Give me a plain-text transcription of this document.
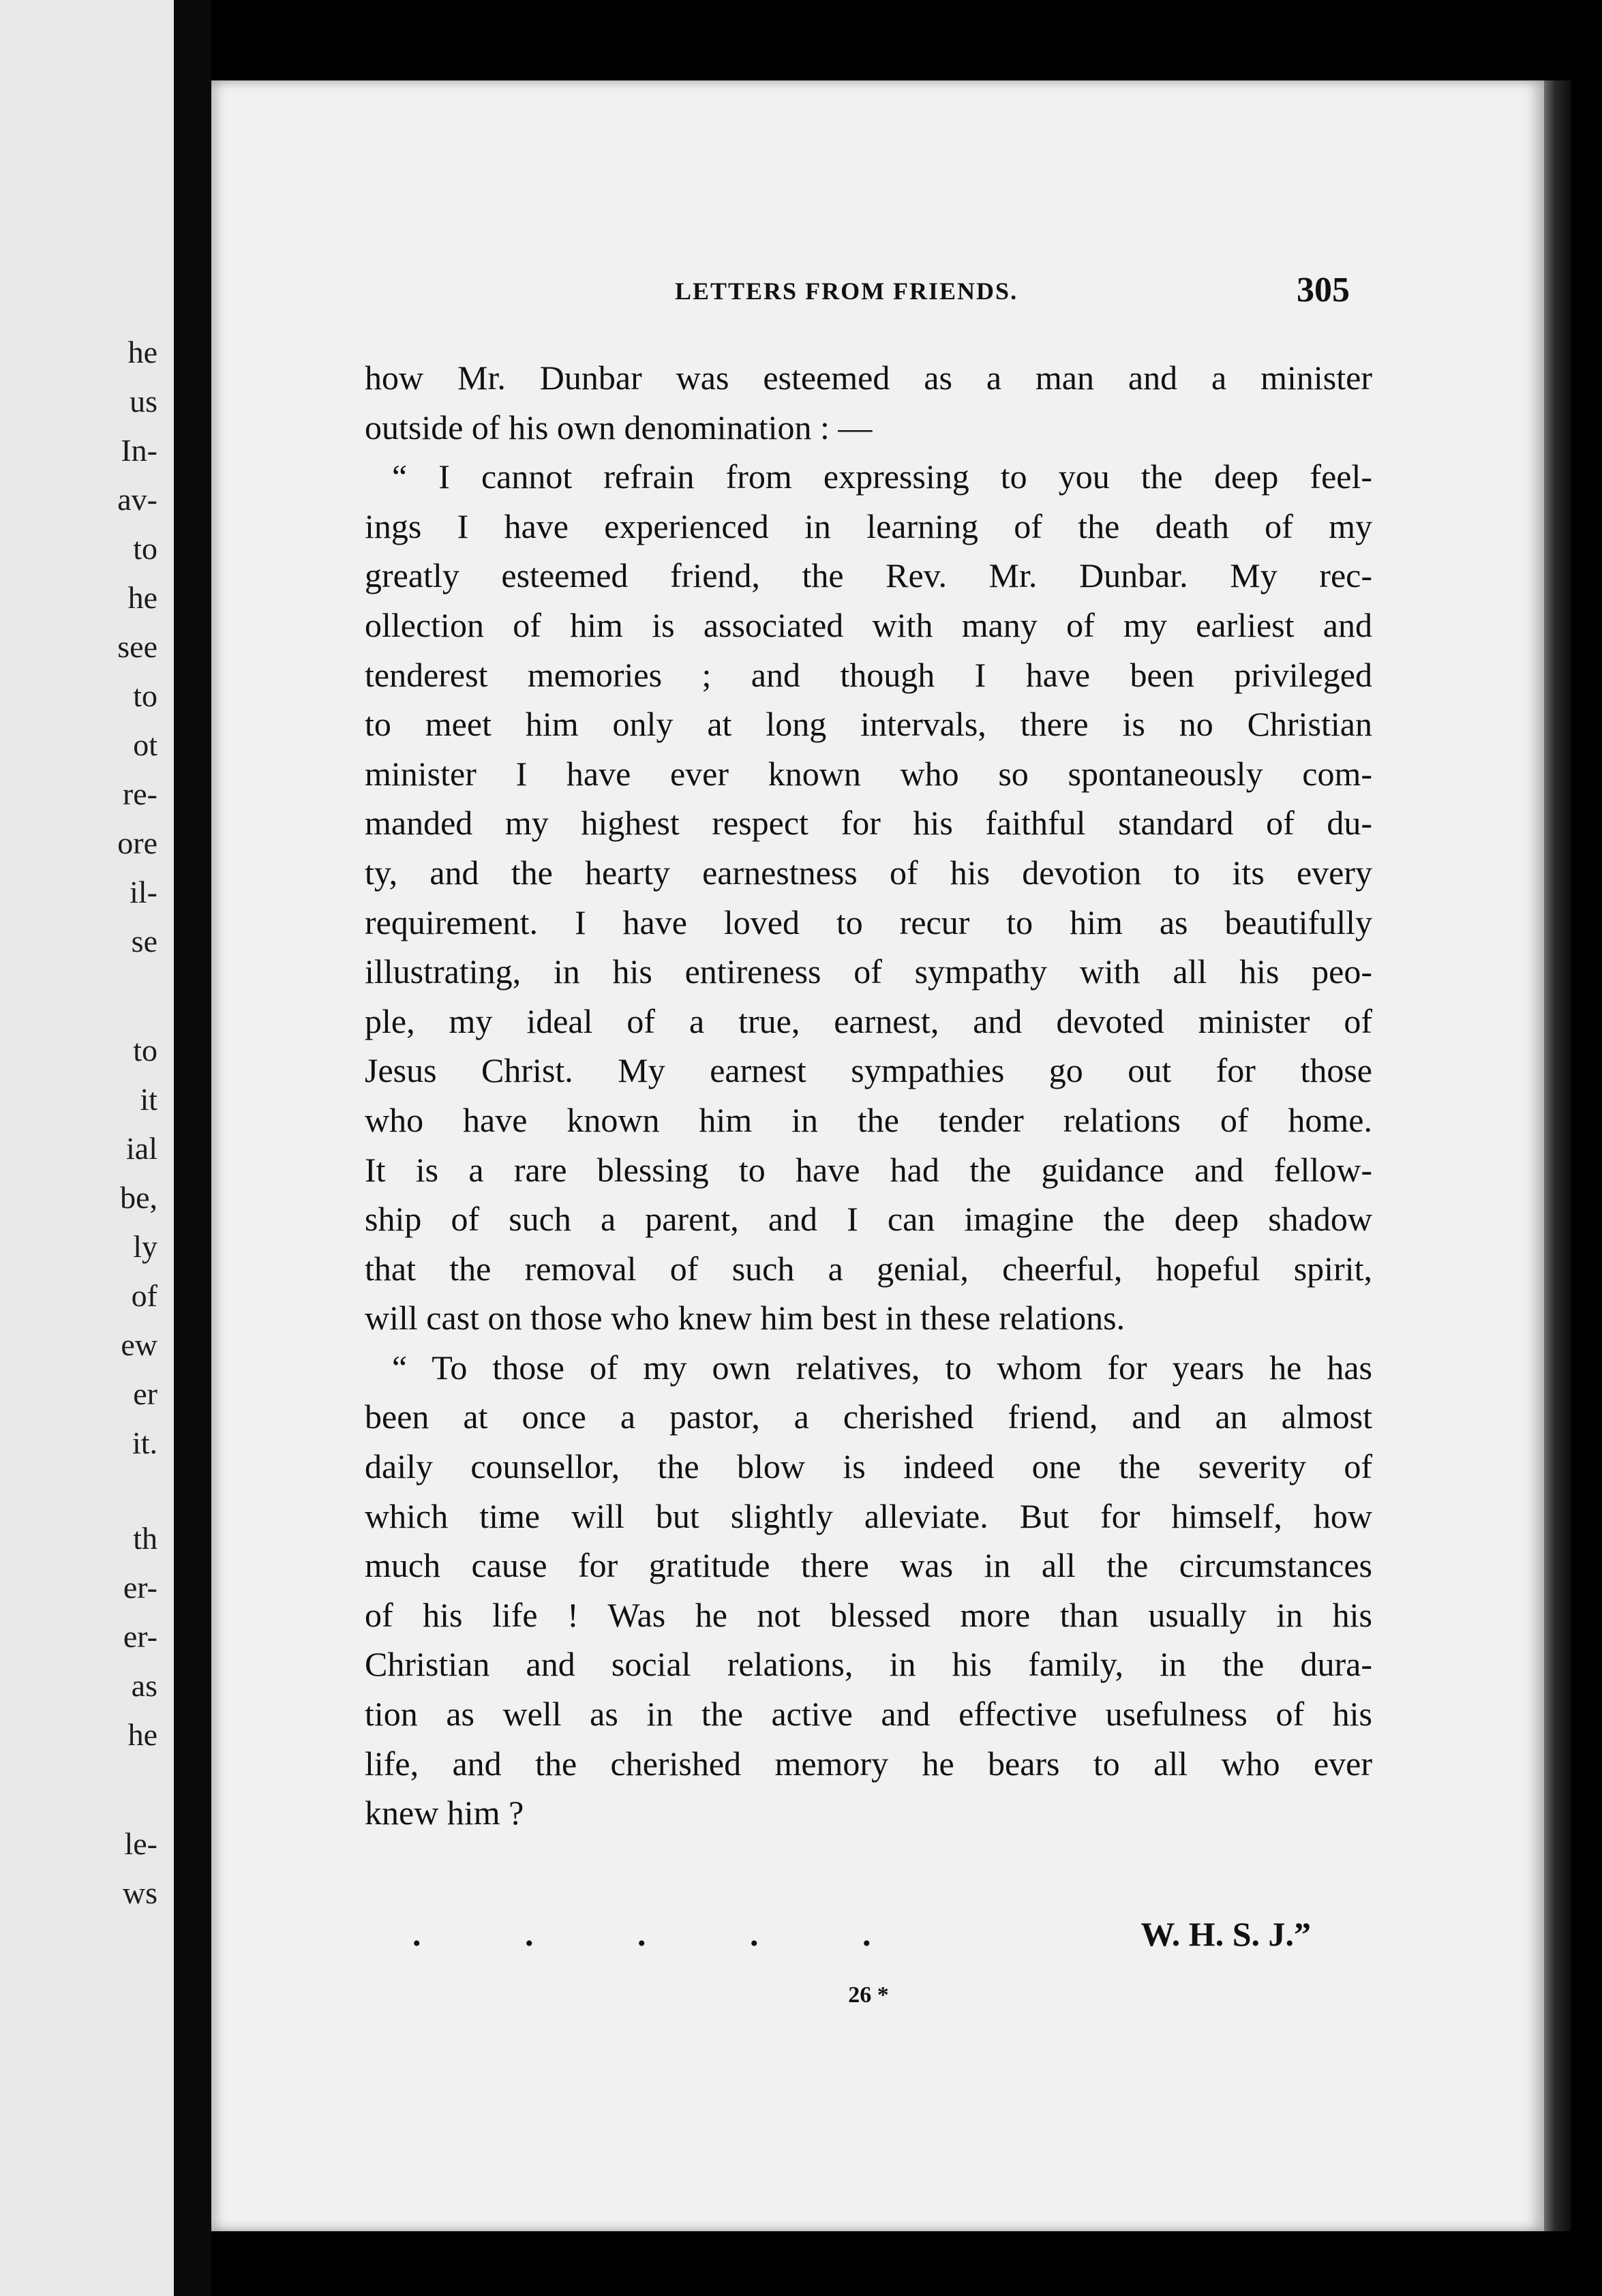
he
us
In-
av-
to
he
see
to
ot
re-
ore
il-
se
to
it
ial
be,
ly
of
ew
er
it.
th
er-
er-
as
he
le-
ws
LETTERS FROM FRIENDS.	305
how Mr. Dunbar was esteemed as a man and a minister
outside of his own denomination : —
“ I cannot refrain from expressing to you the deep feel-
ings I have experienced in learning of the death of my
greatly esteemed friend, the Rev. Mr. Dunbar. My rec-
ollection of him is associated with many of my earliest and
tenderest memories ; and though I have been privileged
to meet him only at long intervals, there is no Christian
minister I have ever known who so spontaneously com-
manded my highest respect for his faithful standard of du-
ty, and the hearty earnestness of his devotion to its every
requirement. I have loved to recur to him as beautifully
illustrating, in his entireness of sympathy with all his peo-
ple, my ideal of a true, earnest, and devoted minister of
Jesus Christ. My earnest sympathies go out for those
who have known him in the tender relations of home.
It is a rare blessing to have had the guidance and fellow-
ship of such a parent, and I can imagine the deep shadow
that the removal of such a genial, cheerful, hopeful spirit,
will cast on those who knew him best in these relations.
“ To those of my own relatives, to whom for years he has
been at once a pastor, a cherished friend, and an almost
daily counsellor, the blow is indeed one the severity of
which time will but slightly alleviate. But for himself, how
much cause for gratitude there was in all the circumstances
of his life ! Was he not blessed more than usually in his
Christian and social relations, in his family, in the dura-
tion as well as in the active and effective usefulness of his
life, and the cherished memory he bears to all who ever
knew him ?
. . . . .	W. H. S. J.”
26 *
